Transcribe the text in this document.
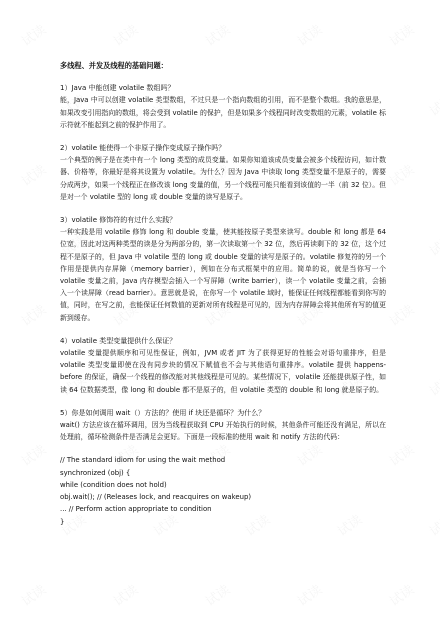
多线程、并发及线程的基础问题：

1）Java 中能创建 volatile 数组吗？

能，Java 中可以创建 volatile 类型数组，不过只是一个指向数组的引用，而不是整个数组。我的意思是，如果改变引用指向的数组，将会受到 volatile 的保护，但是如果多个线程同时改变数组的元素，volatile 标示符就不能起到之前的保护作用了。

2）volatile 能使得一个非原子操作变成原子操作吗？

一个典型的例子是在类中有一个 long 类型的成员变量。如果你知道该成员变量会被多个线程访问，如计数器、价格等，你最好是将其设置为 volatile。为什么？因为 Java 中读取 long 类型变量不是原子的，需要分成两步，如果一个线程正在修改该 long 变量的值，另一个线程可能只能看到该值的一半（前 32 位）。但是对一个 volatile 型的 long 或 double 变量的读写是原子。

3）volatile 修饰符的有过什么实践？

一种实践是用 volatile 修饰 long 和 double 变量，使其能按原子类型来读写。double 和 long 都是 64 位宽，因此对这两种类型的读是分为两部分的，第一次读取第一个 32 位，然后再读剩下的 32 位，这个过程不是原子的，但 Java 中 volatile 型的 long 或 double 变量的读写是原子的。volatile 修复符的另一个作用是提供内存屏障（memory barrier），例如在分布式框架中的应用。简单的说，就是当你写一个 volatile 变量之前，Java 内存模型会插入一个写屏障（write barrier），读一个 volatile 变量之前，会插入一个读屏障（read barrier）。意思就是说，在你写一个 volatile 域时，能保证任何线程都能看到你写的值，同时，在写之前，也能保证任何数值的更新对所有线程是可见的，因为内存屏障会将其他所有写的值更新到缓存。

4）volatile 类型变量提供什么保证？

volatile 变量提供顺序和可见性保证，例如，JVM 或者 JIT 为了获得更好的性能会对语句重排序，但是 volatile 类型变量即使在没有同步块的情况下赋值也不会与其他语句重排序。volatile 提供 happens-before 的保证，确保一个线程的修改能对其他线程是可见的。某些情况下，volatile 还能提供原子性，如读 64 位数据类型，像 long 和 double 都不是原子的，但 volatile 类型的 double 和 long 就是原子的。

5）你是如何调用 wait（）方法的？使用 if 块还是循环？为什么？

wait() 方法应该在循环调用，因为当线程获取到 CPU 开始执行的时候，其他条件可能还没有满足，所以在处理前，循环检测条件是否满足会更好。下面是一段标准的使用 wait 和 notify 方法的代码：

// The standard idiom for using the wait method

synchronized (obj) {

while (condition does not hold)

obj.wait(); // (Releases lock, and reacquires on wakeup)

... // Perform action appropriate to condition

}
